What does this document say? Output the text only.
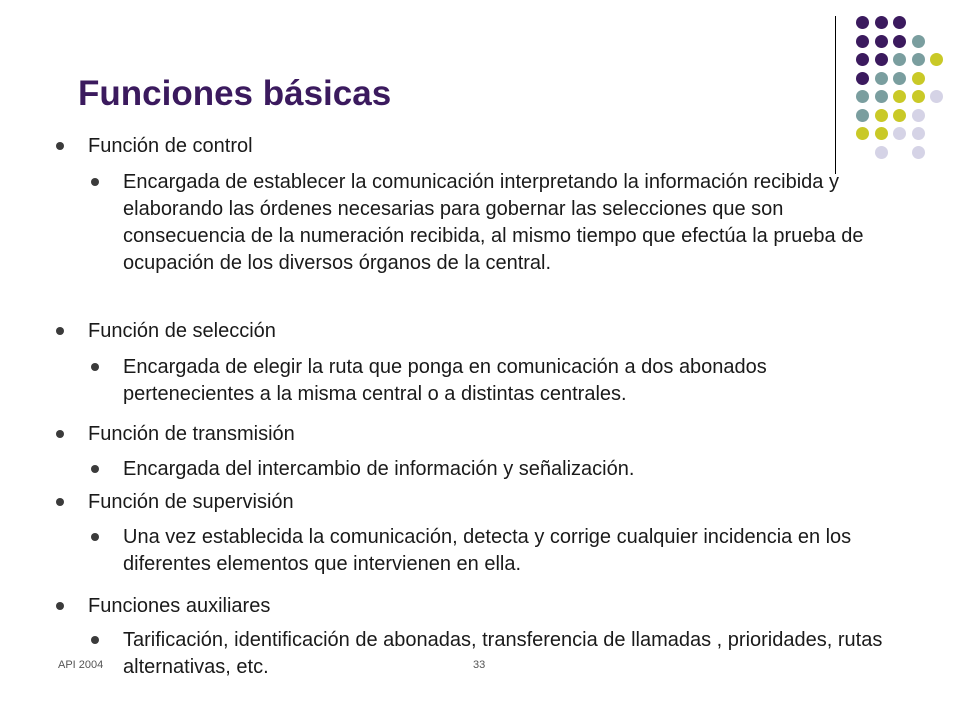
Funciones básicas
Función de control
Encargada de establecer la comunicación interpretando la información recibida y elaborando las órdenes necesarias para gobernar las selecciones que son consecuencia de la numeración recibida, al mismo tiempo que efectúa la prueba de ocupación de los diversos órganos de la central.
Función de selección
Encargada de elegir la ruta que ponga en comunicación a dos abonados pertenecientes a la misma central o a distintas centrales.
Función de transmisión
Encargada del intercambio de información y señalización.
Función de supervisión
Una vez establecida la comunicación, detecta y corrige cualquier incidencia en los diferentes elementos que intervienen en ella.
Funciones auxiliares
Tarificación, identificación de abonadas, transferencia de llamadas , prioridades, rutas alternativas, etc.
API 2004	33
